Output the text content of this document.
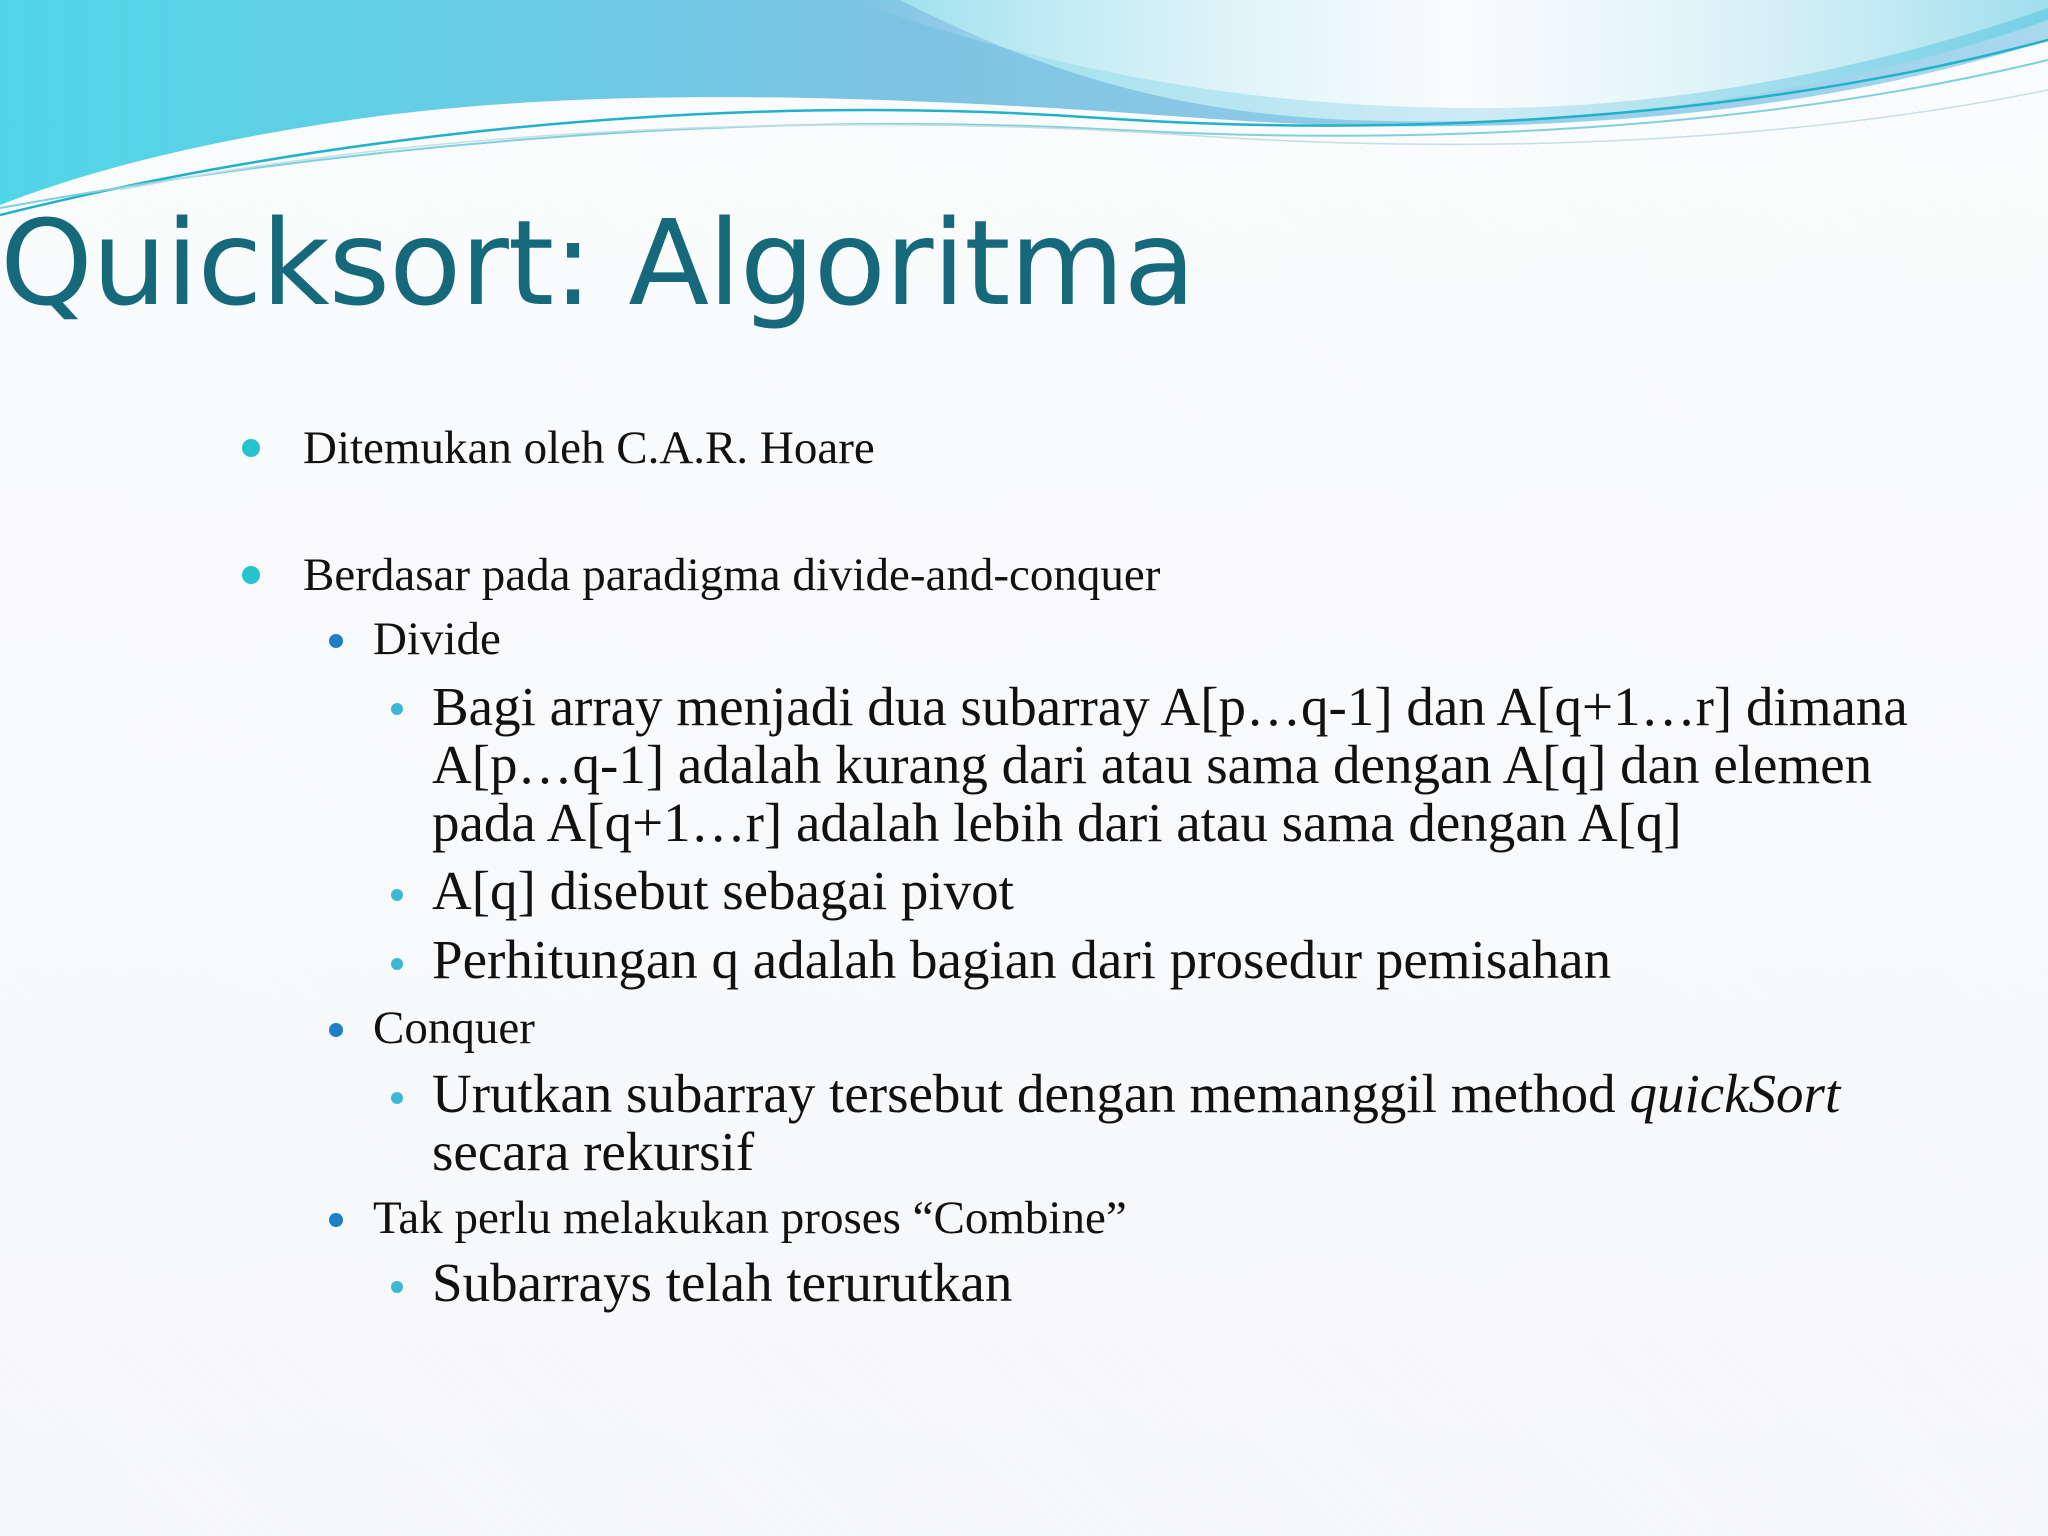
Quicksort: Algoritma
Ditemukan oleh C.A.R. Hoare
Berdasar pada paradigma divide-and-conquer
Divide
Bagi array menjadi dua subarray A[p…q-1] dan A[q+1…r] dimana
A[p…q-1] adalah kurang dari atau sama dengan A[q] dan elemen
pada A[q+1…r] adalah lebih dari atau sama dengan A[q]
A[q] disebut sebagai pivot
Perhitungan q adalah bagian dari prosedur pemisahan
Conquer
Urutkan subarray tersebut dengan memanggil method quickSort
secara rekursif
Tak perlu melakukan proses “Combine”
Subarrays telah terurutkan
